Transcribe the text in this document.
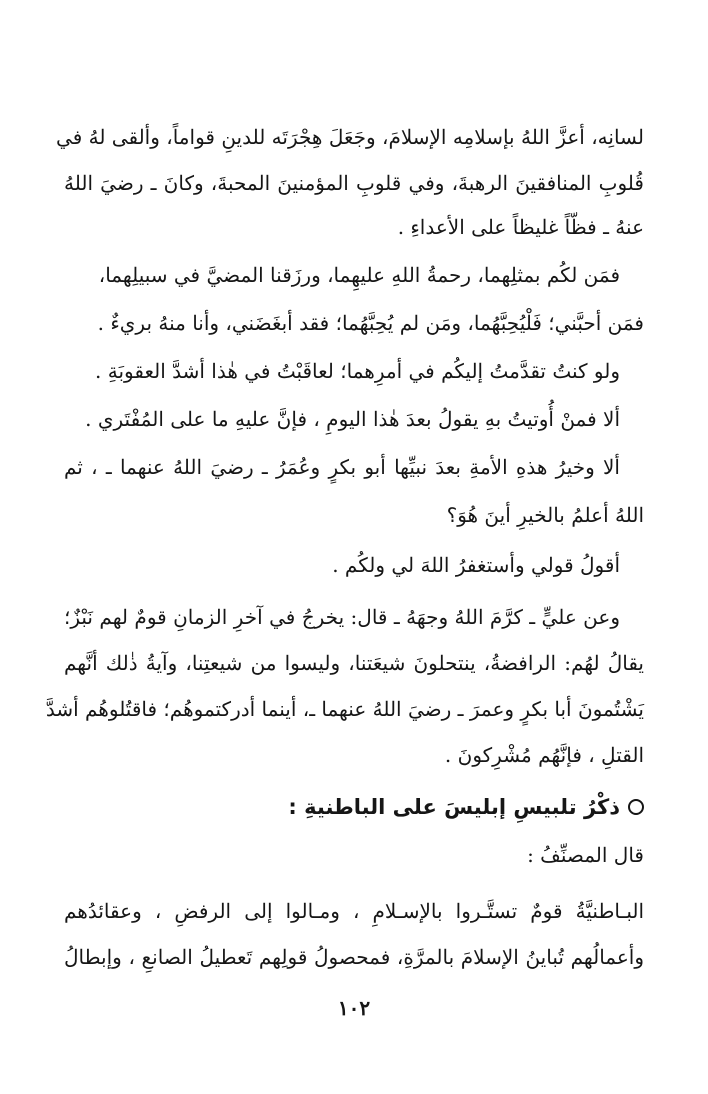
لسانِه، أعزَّ اللهُ بإسلامِه الإسلامَ، وجَعَلَ هِجْرَتَه للدينِ قواماً، وألقى لهُ في
قُلوبِ المنافقينَ الرهبةَ، وفي قلوبِ المؤمنينَ المحبةَ، وكانَ ـ رضيَ اللهُ
عنهُ ـ فظّاً غليظاً على الأعداءِ .
فمَن لكُم بمثلِهما، رحمةُ اللهِ عليهِما، ورزَقنا المضيَّ في سبيلِهما،
فمَن أحبَّني؛ فَلْيُحِبَّهُما، ومَن لم يُحِبَّهُما؛ فقد أبغَضَني، وأنا منهُ بريءٌ .
ولو كنتُ تقدَّمتُ إليكُم في أمرِهما؛ لعاقَبْتُ في هٰذا أشدَّ العقوبَةِ .
ألا فمنْ أُوتيتُ بهِ يقولُ بعدَ هٰذا اليومِ ، فإنَّ عليهِ ما على المُفْتَري .
ألا وخيرُ هذهِ الأمةِ بعدَ نبيِّها أبو بكرٍ وعُمَرُ ـ رضيَ اللهُ عنهما ـ ، ثم
اللهُ أعلمُ بالخيرِ أينَ هُوَ؟
أقولُ قولي وأستغفرُ اللهَ لي ولكُم .
وعن عليٍّ ـ كرَّمَ اللهُ وجهَهُ ـ قال: يخرجُ في آخرِ الزمانِ قومٌ لهم نَبْزٌ؛
يقالُ لهُم: الرافضةُ، ينتحلونَ شيعَتنا، وليسوا من شيعتِنا، وآيةُ ذٰلك أنَّهم
يَشْتُمونَ أبا بكرٍ وعمرَ ـ رضيَ اللهُ عنهما ـ، أينما أدركتموهُم؛ فاقتُلوهُم أشدَّ
القتلِ ، فإنَّهُم مُشْرِكونَ .
ذكْرُ تلبيسِ إبليسَ على الباطنيةِ :
قال المصنِّفُ :
البـاطنيَّةُ قومٌ تستَّـروا بالإسـلامِ ، ومـالوا إلى الرفضِ ، وعقائدُهم
وأعمالُهم تُباينُ الإسلامَ بالمرَّةِ، فمحصولُ قولِهم تَعطيلُ الصانعِ ، وإبطالُ
١٠٢
